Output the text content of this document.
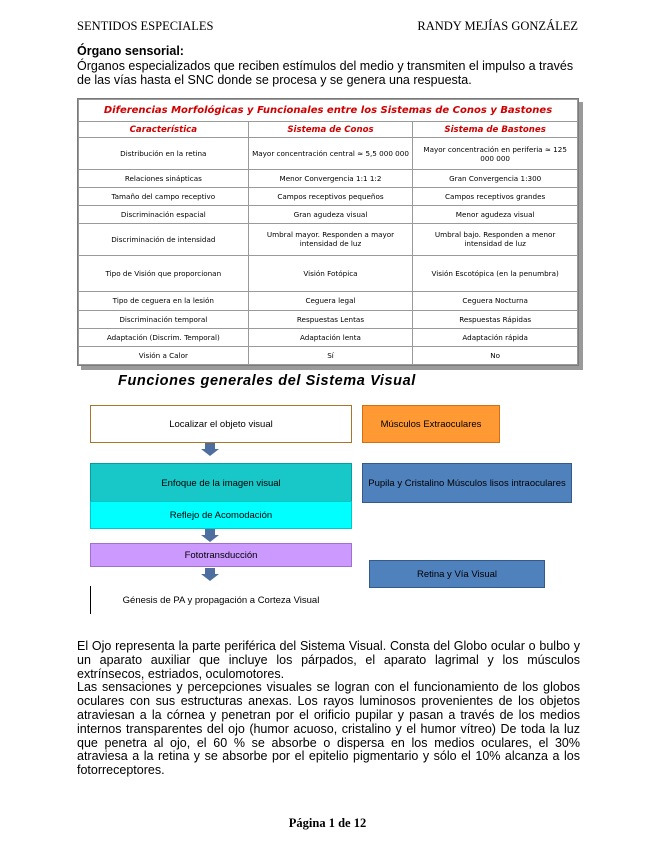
SENTIDOS ESPECIALES	RANDY MEJÍAS GONZÁLEZ
Órgano sensorial:
Órganos especializados que reciben estímulos del medio y transmiten el impulso a través de las vías hasta el SNC donde se procesa y se genera una respuesta.
Diferencias Morfológicas y Funcionales entre los Sistemas de Conos y Bastones		
Característica	Sistema de Conos	Sistema de Bastones
Distribución en la retina	Mayor concentración central ≈ 5,5 000 000	Mayor concentración en periferia ≈ 125 000 000
Relaciones sinápticas	Menor Convergencia 1:1 1:2	Gran Convergencia 1:300
Tamaño del campo receptivo	Campos receptivos pequeños	Campos receptivos grandes
Discriminación espacial	Gran agudeza visual	Menor agudeza visual
Discriminación de intensidad	Umbral mayor. Responden a mayor intensidad de luz	Umbral bajo. Responden a menor intensidad de luz
Tipo de Visión que proporcionan	Visión Fotópica	Visión Escotópica (en la penumbra)
Tipo de ceguera en la lesión	Ceguera legal	Ceguera Nocturna
Discriminación temporal	Respuestas Lentas	Respuestas Rápidas
Adaptación (Discrim. Temporal)	Adaptación lenta	Adaptación rápida
Visión a Calor	Sí	No
Funciones generales del Sistema Visual
Localizar el objeto visual	Músculos Extraoculares
Enfoque de la imagen visual	Pupila y Cristalino Músculos lisos intraoculares
Reflejo de Acomodación
Fototransducción
Retina y Vía Visual
Génesis de PA y propagación a Corteza Visual

El Ojo representa la parte periférica del Sistema Visual. Consta del Globo ocular o bulbo y un aparato auxiliar que incluye los párpados, el aparato lagrimal y los músculos extrínsecos, estriados, oculomotores.

Las sensaciones y percepciones visuales se logran con el funcionamiento de los globos oculares con sus estructuras anexas. Los rayos luminosos provenientes de los objetos atraviesan a la córnea y penetran por el orificio pupilar y pasan a través de los medios internos transparentes del ojo (humor acuoso, cristalino y el humor vítreo) De toda la luz que penetra al ojo, el 60 % se absorbe o dispersa en los medios oculares, el 30% atraviesa a la retina y se absorbe por el epitelio pigmentario y sólo el 10% alcanza a los fotorreceptores.

Página 1 de 12
